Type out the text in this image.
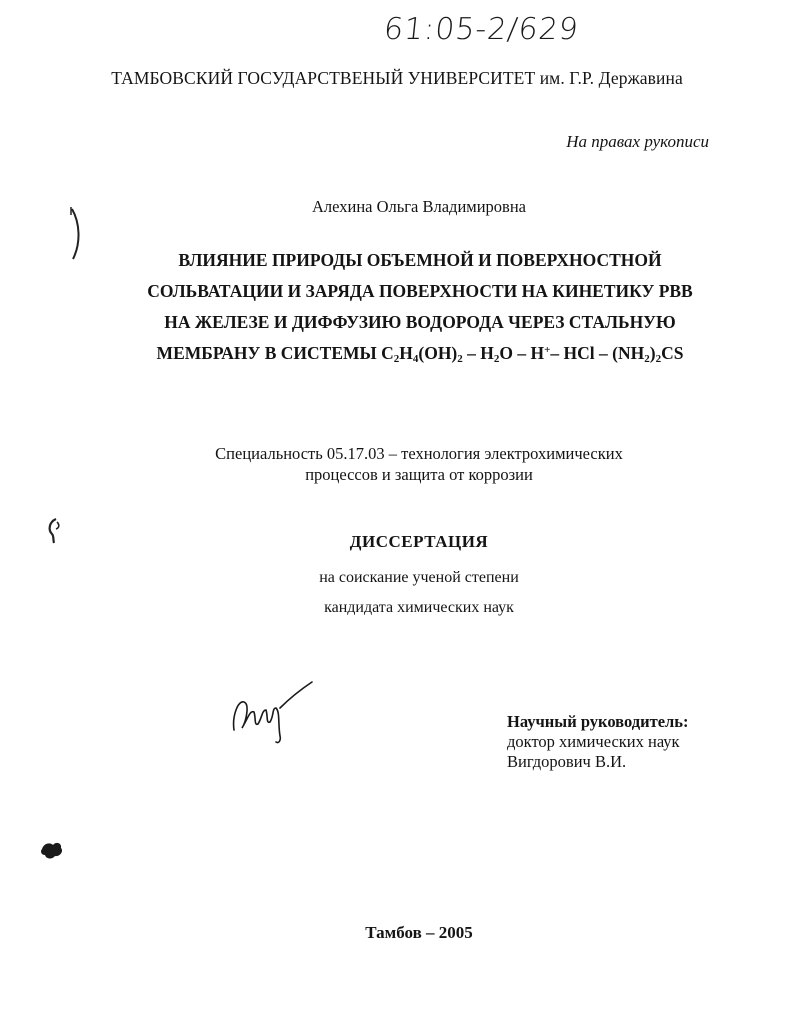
61:05-2/629
ТАМБОВСКИЙ ГОСУДАРСТВЕНЫЙ УНИВЕРСИТЕТ им. Г.Р. Державина
На правах рукописи
Алехина Ольга Владимировна
ВЛИЯНИЕ ПРИРОДЫ ОБЪЕМНОЙ И ПОВЕРХНОСТНОЙ
СОЛЬВАТАЦИИ И ЗАРЯДА ПОВЕРХНОСТИ НА КИНЕТИКУ РВВ
НА ЖЕЛЕЗЕ И ДИФФУЗИЮ ВОДОРОДА ЧЕРЕЗ СТАЛЬНУЮ
МЕМБРАНУ В СИСТЕМЫ $С_2Н_4(ОН)_2 - Н_2О - Н^+-$ HCl – $(NH_2)_2CS$
Специальность 05.17.03 – технология электрохимических
процессов и защита от коррозии
ДИССЕРТАЦИЯ
на соискание ученой степени
кандидата химических наук
Научный руководитель:
доктор химических наук
Вигдорович В.И.
Тамбов – 2005
